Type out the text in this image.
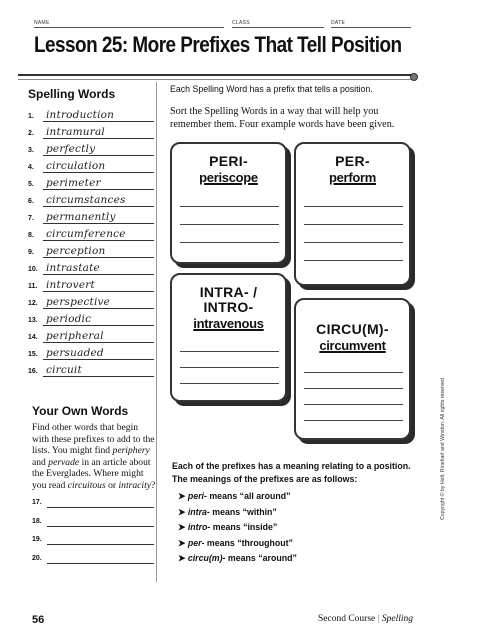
NAME	CLASS	DATE
Lesson 25: More Prefixes That Tell Position
Spelling Words
1. introduction
2. intramural
3. perfectly
4. circulation
5. perimeter
6. circumstances
7. permanently
8. circumference
9. perception
10. intrastate
11. introvert
12. perspective
13. periodic
14. peripheral
15. persuaded
16. circuit
Each Spelling Word has a prefix that tells a position.
Sort the Spelling Words in a way that will help you remember them. Four example words have been given.
PERI-
periscope
PER-
perform
INTRA- /
INTRO-
intravenous	CIRCU(M)-
circumvent
Your Own Words
Find other words that begin with these prefixes to add to the lists. You might find periphery and pervade in an article about the Everglades. Where might you read circuitous or intracity?
17.
18.
19.
20.
Each of the prefixes has a meaning relating to a position. The meanings of the prefixes are as follows:
➤ peri- means “all around”
➤ intra- means “within”
➤ intro- means “inside”
➤ per- means “throughout”
➤ circu(m)- means “around”
Copyright © by Holt, Rinehart and Winston. All rights reserved.
56	Second Course | Spelling
